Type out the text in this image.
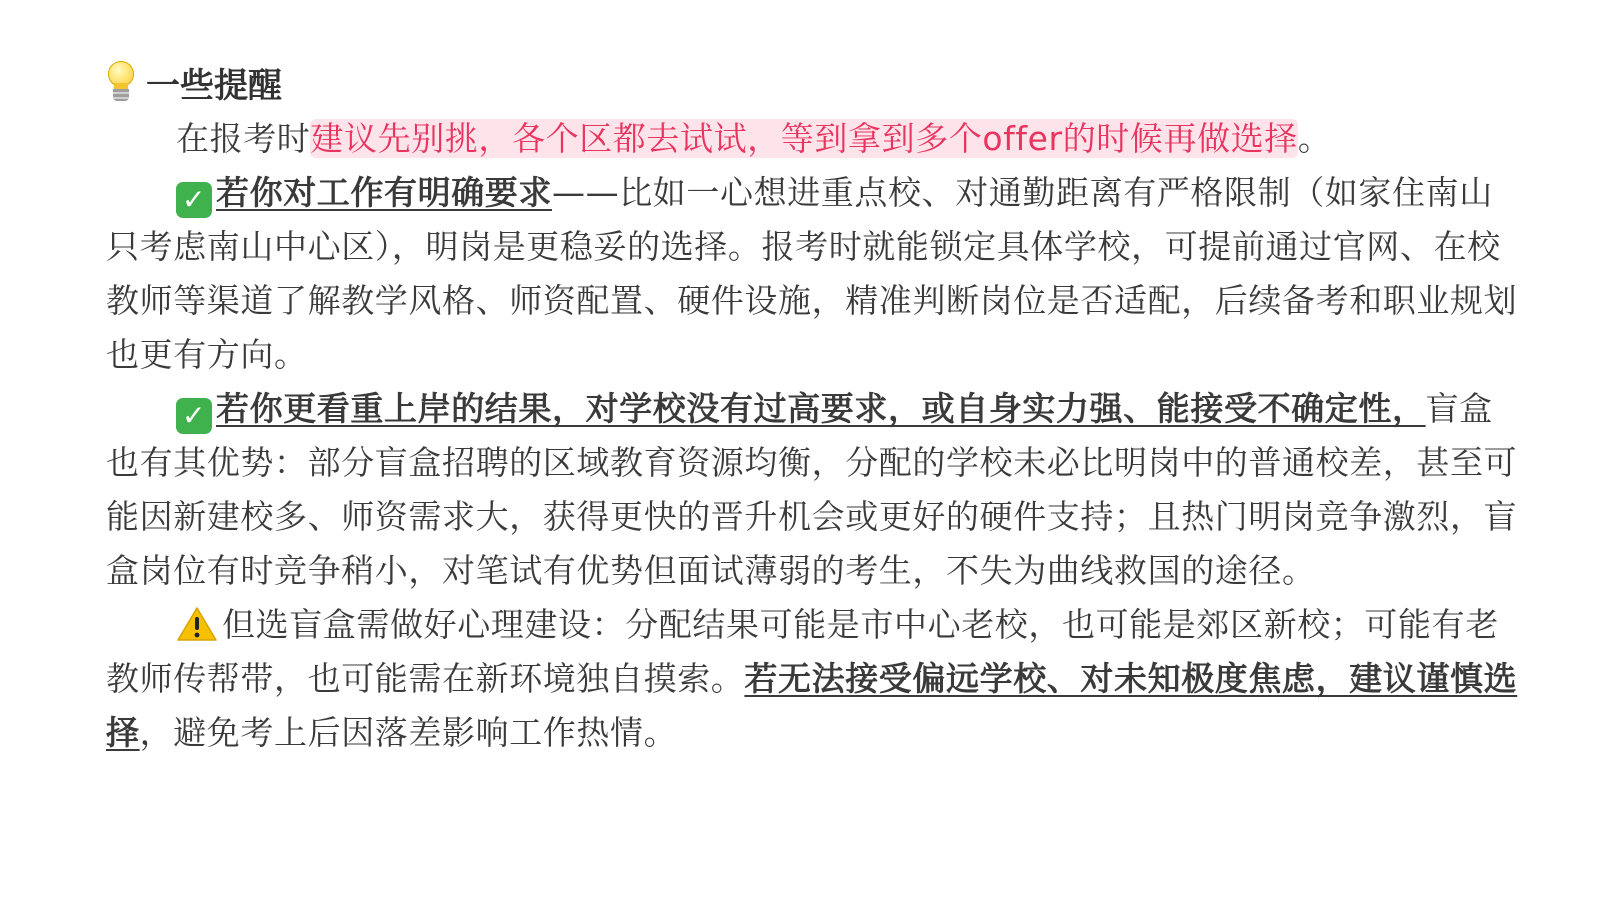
一些提醒

在报考时建议先别挑，各个区都去试试，等到拿到多个offer的时候再做选择。

✓ 若你对工作有明确要求——比如一心想进重点校、对通勤距离有严格限制（如家住南山只考虑南山中心区），明岗是更稳妥的选择。报考时就能锁定具体学校，可提前通过官网、在校教师等渠道了解教学风格、师资配置、硬件设施，精准判断岗位是否适配，后续备考和职业规划也更有方向。

✓ 若你更看重上岸的结果，对学校没有过高要求，或自身实力强、能接受不确定性，盲盒也有其优势：部分盲盒招聘的区域教育资源均衡，分配的学校未必比明岗中的普通校差，甚至可能因新建校多、师资需求大，获得更快的晋升机会或更好的硬件支持；且热门明岗竞争激烈，盲盒岗位有时竞争稍小，对笔试有优势但面试薄弱的考生，不失为曲线救国的途径。

但选盲盒需做好心理建设：分配结果可能是市中心老校，也可能是郊区新校；可能有老教师传帮带，也可能需在新环境独自摸索。若无法接受偏远学校、对未知极度焦虑，建议谨慎选择，避免考上后因落差影响工作热情。
